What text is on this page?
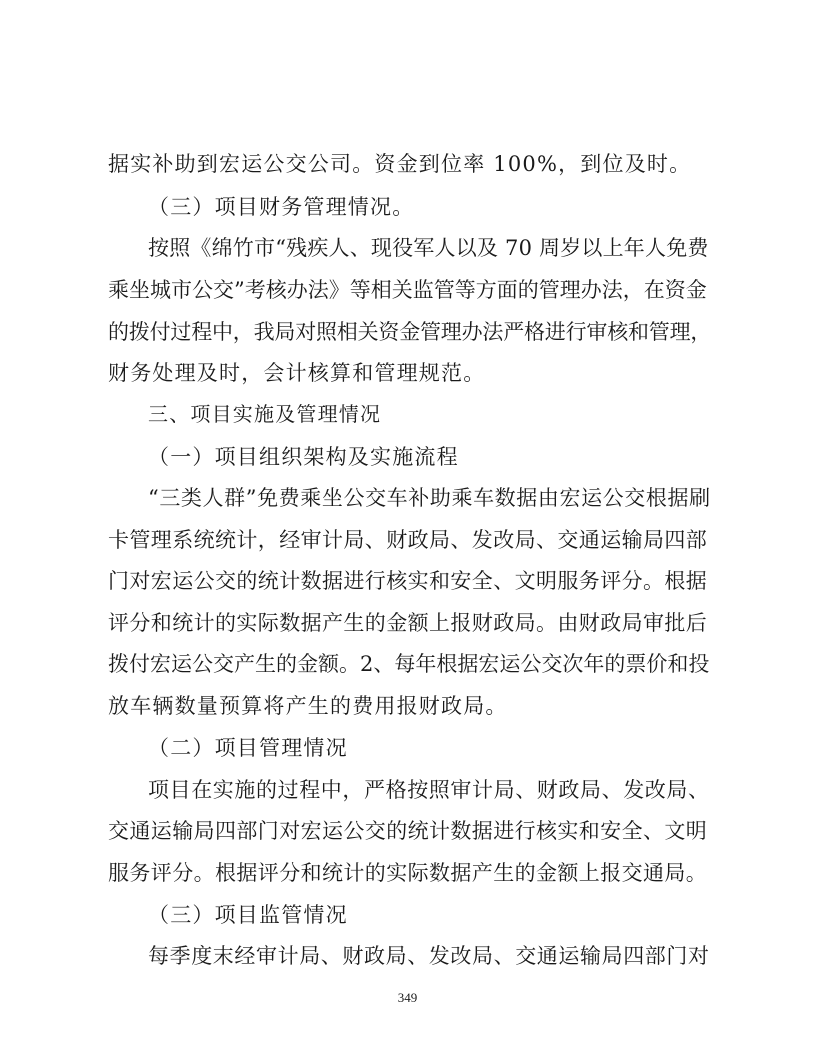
据实补助到宏运公交公司。资金到位率 100%，到位及时。
（三）项目财务管理情况。
按照《绵竹市“残疾人、现役军人以及 70 周岁以上年人免费
乘坐城市公交”考核办法》等相关监管等方面的管理办法，在资金
的拨付过程中，我局对照相关资金管理办法严格进行审核和管理，
财务处理及时，会计核算和管理规范。
三、项目实施及管理情况
（一）项目组织架构及实施流程
“三类人群”免费乘坐公交车补助乘车数据由宏运公交根据刷
卡管理系统统计，经审计局、财政局、发改局、交通运输局四部
门对宏运公交的统计数据进行核实和安全、文明服务评分。根据
评分和统计的实际数据产生的金额上报财政局。由财政局审批后
拨付宏运公交产生的金额。2、每年根据宏运公交次年的票价和投
放车辆数量预算将产生的费用报财政局。
（二）项目管理情况
项目在实施的过程中，严格按照审计局、财政局、发改局、
交通运输局四部门对宏运公交的统计数据进行核实和安全、文明
服务评分。根据评分和统计的实际数据产生的金额上报交通局。
（三）项目监管情况
每季度末经审计局、财政局、发改局、交通运输局四部门对
349
